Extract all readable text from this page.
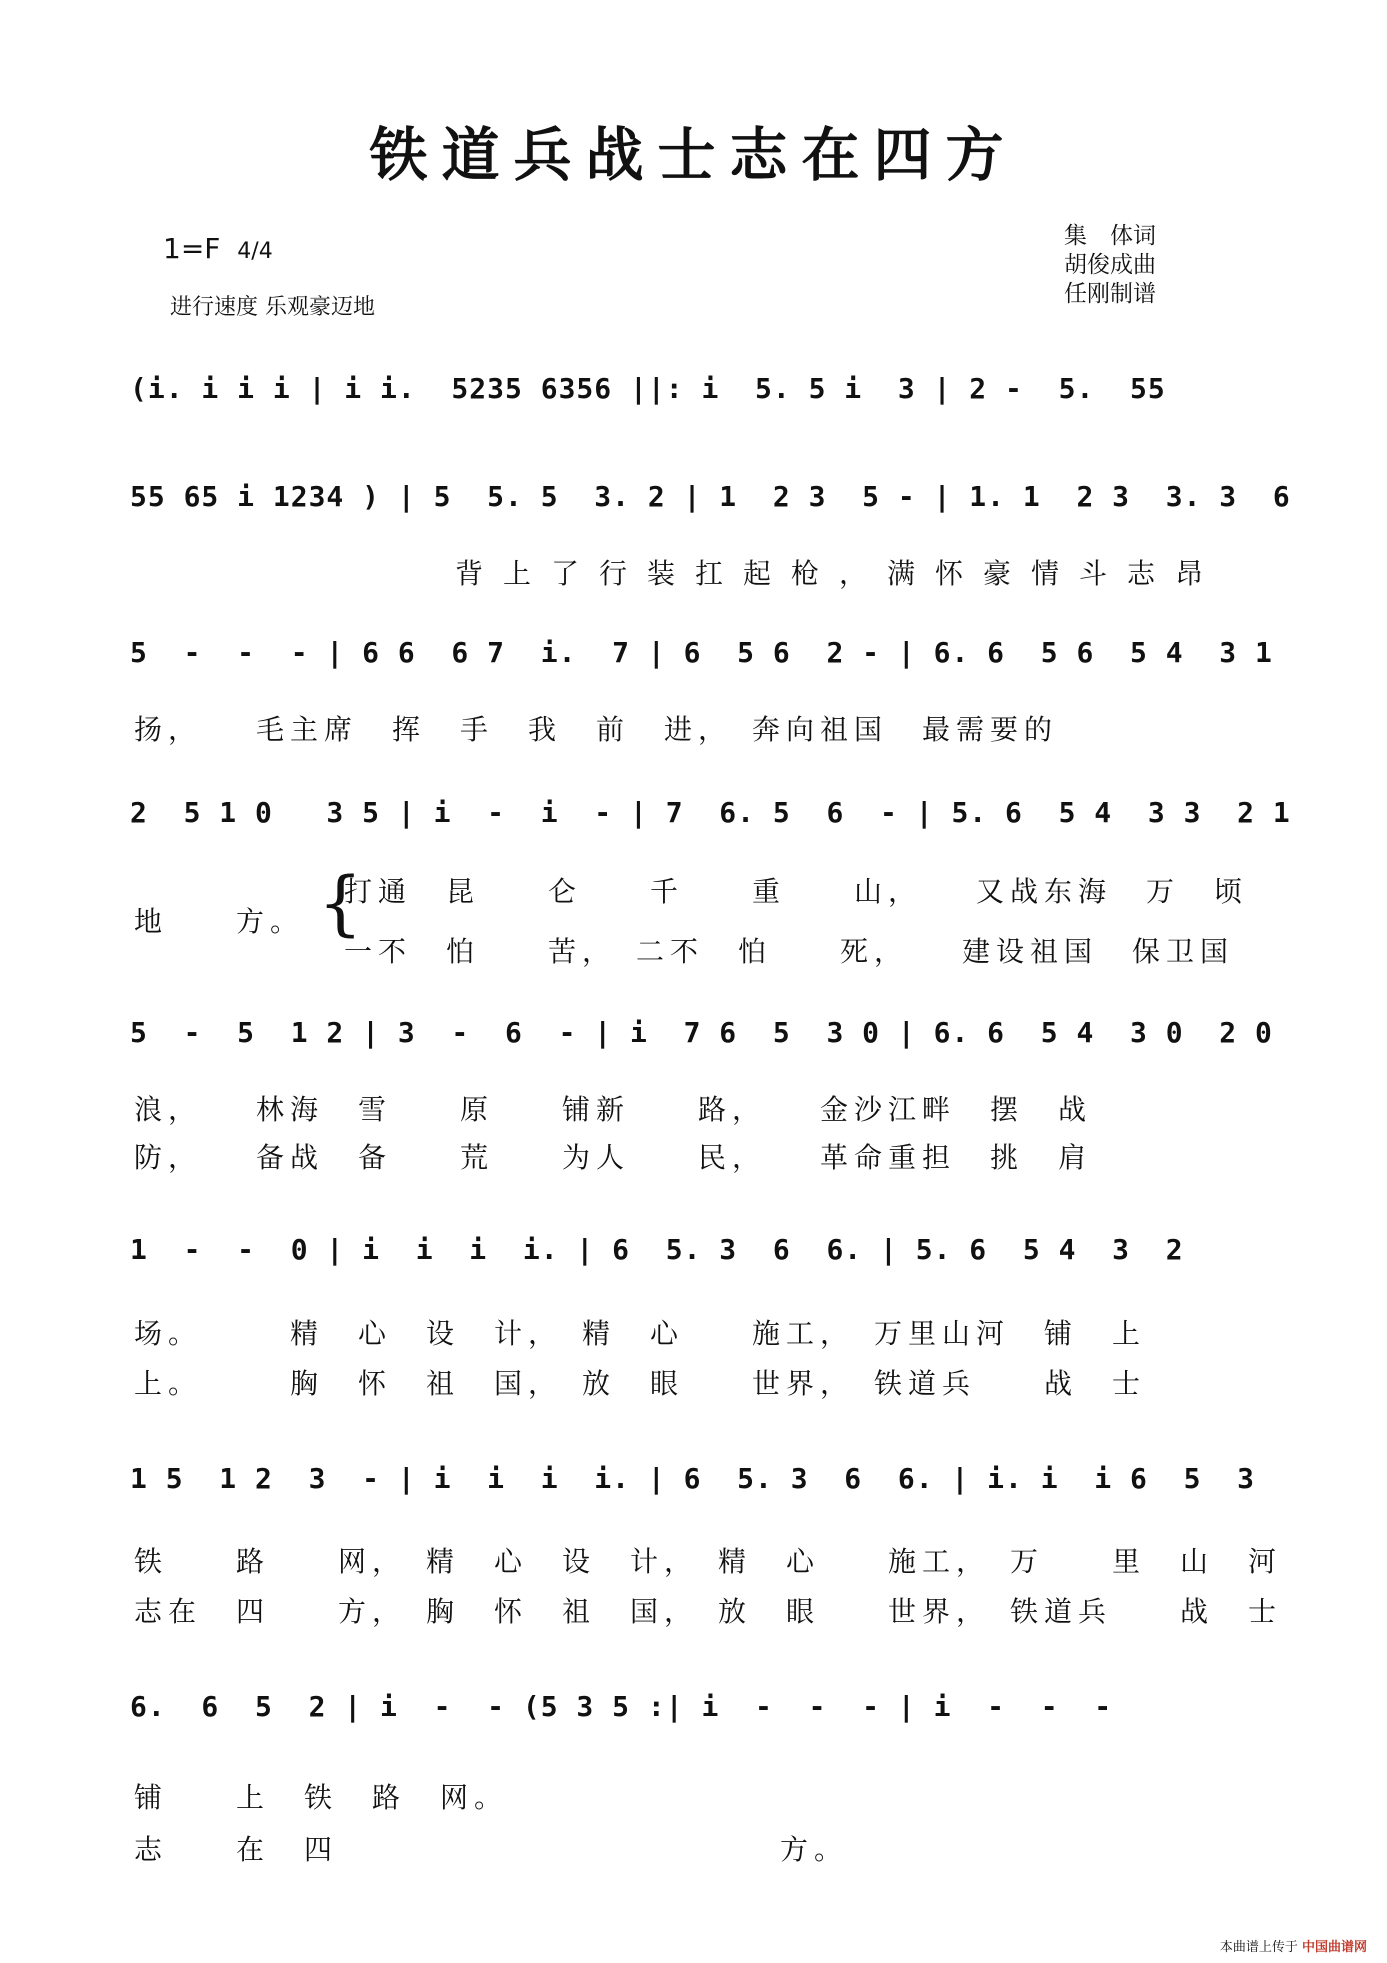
铁道兵战士志在四方
1=F 4/4
进行速度 乐观豪迈地
集　体词
胡俊成曲
任刚制谱
(i. i i i | i i.  5235 6356 ||: i  5. 5 i  3 | 2 -  5.  55
55 65 i 1234 ) | 5  5. 5  3. 2 | 1  2 3  5 - | 1. 1  2 3  3. 3  6
5  -  -  - | 6 6  6 7  i.  7 | 6  5 6  2 - | 6. 6  5 6  5 4  3 1
2  5 1 0   3 5 | i  -  i  - | 7  6. 5  6  - | 5. 6  5 4  3 3  2 1
5  -  5  1 2 | 3  -  6  - | i  7 6  5  3 0 | 6. 6  5 4  3 0  2 0
1  -  -  0 | i  i  i  i. | 6  5. 3  6  6. | 5. 6  5 4  3  2
1 5  1 2  3  - | i  i  i  i. | 6  5. 3  6  6. | i. i  i 6  5  3
6.  6  5  2 | i  -  - (5 3 5 :| i  -  -  - | i  -  -  -
背上了行装扛起枪，满怀豪情斗志昂
扬，　　毛主席　挥　手　我　前　进，　奔向祖国　最需要的
打通　昆　　仑　　千　　重　　山，　　又战东海　万　顷
地　　方。 {
一不　怕　　苦，　二不　怕　　死，　　建设祖国　保卫国
浪，　　林海　雪　　原　　铺新　　路，　　金沙江畔　摆　战
防，　　备战　备　　荒　　为人　　民，　　革命重担　挑　肩
场。　　　精　心　设　计，　精　心　　施工，　万里山河　铺　上
上。　　　胸　怀　祖　国，　放　眼　　世界，　铁道兵　　战　士
铁　　路　　网，　精　心　设　计，　精　心　　施工，　万　　里　山　河
志在　四　　方，　胸　怀　祖　国，　放　眼　　世界，　铁道兵　　战　士
铺　　上　铁　路　网。
志　　在　四　　　　　　　　　　　　　方。
本曲谱上传于 中国曲谱网
